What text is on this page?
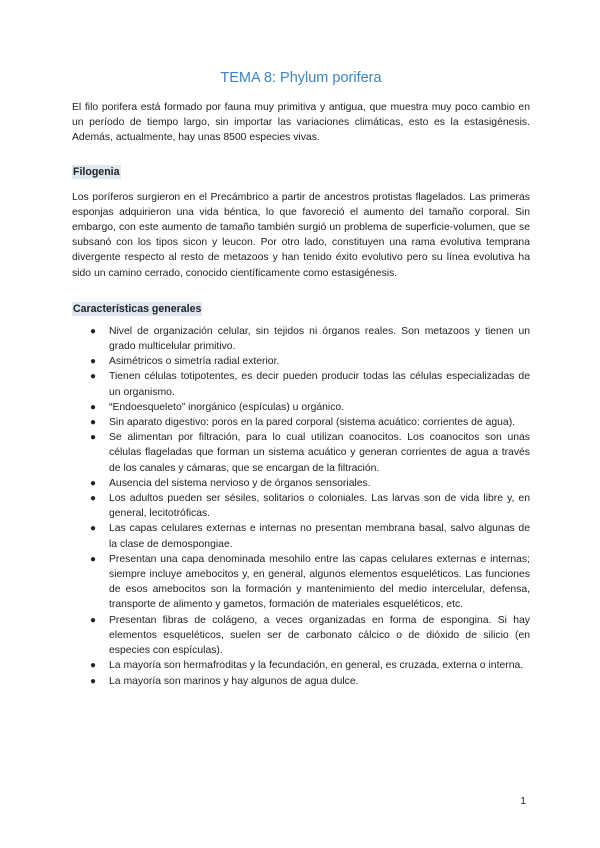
TEMA 8: Phylum porifera

El filo porifera está formado por fauna muy primitiva y antigua, que muestra muy poco cambio en un período de tiempo largo, sin importar las variaciones climáticas, esto es la estasigénesis. Además, actualmente, hay unas 8500 especies vivas.

Filogenia

Los poríferos surgieron en el Precámbrico a partir de ancestros protistas flagelados. Las primeras esponjas adquirieron una vida béntica, lo que favoreció el aumento del tamaño corporal. Sin embargo, con este aumento de tamaño también surgió un problema de superficie-volumen, que se subsanó con los tipos sicon y leucon. Por otro lado, constituyen una rama evolutiva temprana divergente respecto al resto de metazoos y han tenido éxito evolutivo pero su línea evolutiva ha sido un camino cerrado, conocido científicamente como estasigénesis.

Características generales
● Nivel de organización celular, sin tejidos ni órganos reales. Son metazoos y tienen un grado multicelular primitivo.
● Asimétricos o simetría radial exterior.
● Tienen células totipotentes, es decir pueden producir todas las células especializadas de un organismo.
● “Endoesqueleto” inorgánico (espículas) u orgánico.
● Sin aparato digestivo: poros en la pared corporal (sistema acuático: corrientes de agua).
● Se alimentan por filtración, para lo cual utilizan coanocitos. Los coanocitos son unas células flageladas que forman un sistema acuático y generan corrientes de agua a través de los canales y cámaras, que se encargan de la filtración.
● Ausencia del sistema nervioso y de órganos sensoriales.
● Los adultos pueden ser sésiles, solitarios o coloniales. Las larvas son de vida libre y, en general, lecitotróficas.
● Las capas celulares externas e internas no presentan membrana basal, salvo algunas de la clase de demospongiae.
● Presentan una capa denominada mesohilo entre las capas celulares externas e internas; siempre incluye amebocitos y, en general, algunos elementos esqueléticos. Las funciones de esos amebocitos son la formación y mantenimiento del medio intercelular, defensa, transporte de alimento y gametos, formación de materiales esqueléticos, etc.
● Presentan fibras de colágeno, a veces organizadas en forma de espongina. Si hay elementos esqueléticos, suelen ser de carbonato cálcico o de dióxido de silicio (en especies con espículas).
● La mayoría son hermafroditas y la fecundación, en general, es cruzada, externa o interna.
● La mayoría son marinos y hay algunos de agua dulce.
1
